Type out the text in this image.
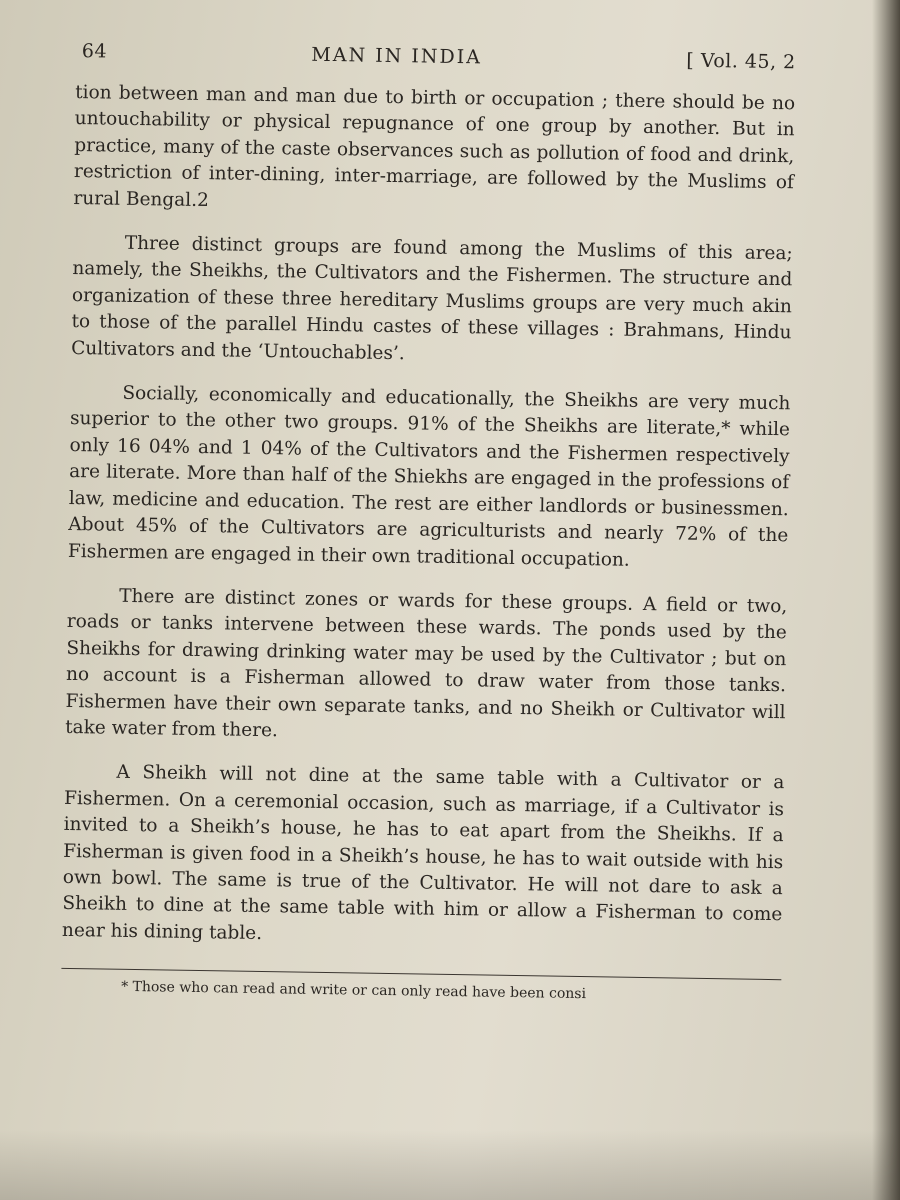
64	MAN IN INDIA	[ Vol. 45, 2

tion between man and man due to birth or occupation ; there should be no untouchability or physical repugnance of one group by another. But in practice, many of the caste observances such as pollution of food and drink, restriction of inter-dining, inter-marriage, are followed by the Muslims of rural Bengal.2

Three distinct groups are found among the Muslims of this area; namely, the Sheikhs, the Cultivators and the Fishermen. The structure and organization of these three hereditary Muslims groups are very much akin to those of the parallel Hindu castes of these villages : Brahmans, Hindu Cultivators and the ‘Untouchables’.

Socially, economically and educationally, the Sheikhs are very much superior to the other two groups. 91% of the Sheikhs are literate,* while only 16 04% and 1 04% of the Cultivators and the Fishermen respectively are literate. More than half of the Shiekhs are engaged in the professions of law, medicine and education. The rest are either landlords or businessmen. About 45% of the Cultivators are agriculturists and nearly 72% of the Fishermen are engaged in their own traditional occupation.

There are distinct zones or wards for these groups. A field or two, roads or tanks intervene between these wards. The ponds used by the Sheikhs for drawing drinking water may be used by the Cultivator ; but on no account is a Fisherman allowed to draw water from those tanks. Fishermen have their own separate tanks, and no Sheikh or Cultivator will take water from there.

A Sheikh will not dine at the same table with a Cultivator or a Fishermen. On a ceremonial occasion, such as marriage, if a Cultivator is invited to a Sheikh’s house, he has to eat apart from the Sheikhs. If a Fisherman is given food in a Sheikh’s house, he has to wait outside with his own bowl. The same is true of the Cultivator. He will not dare to ask a Sheikh to dine at the same table with him or allow a Fisherman to come near his dining table.

* Those who can read and write or can only read have been consi
